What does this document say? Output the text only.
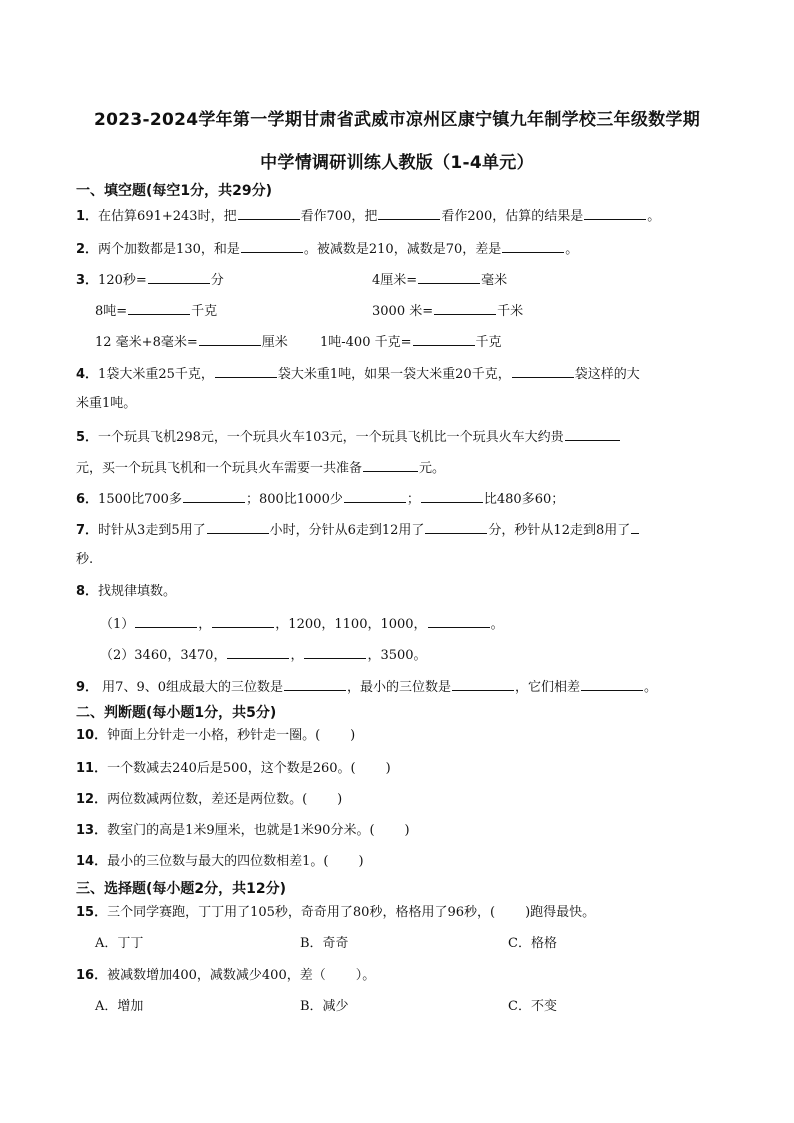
2023-2024学年第一学期甘肃省武威市凉州区康宁镇九年制学校三年级数学期
中学情调研训练人教版（1-4单元）
一、填空题(每空1分，共29分)
1．在估算691+243时，把	看作700，把	看作200，估算的结果是	。
2．两个加数都是130，和是	。被减数是210，减数是70，差是	。
3．120秒=	分	4厘米=	毫米
8吨=	千克	3000 米=	千米
12 毫米+8毫米=	厘米 1吨-400 千克=	千克
4．1袋大米重25千克，	袋大米重1吨，如果一袋大米重20千克，	袋这样的大
米重1吨。
5．一个玩具飞机298元，一个玩具火车103元，一个玩具飞机比一个玩具火车大约贵
元，买一个玩具飞机和一个玩具火车需要一共准备	元。
6．1500比700多	；800比1000少	；	比480多60；
7．时针从3走到5用了	小时，分针从6走到12用了	分，秒针从12走到8用了
秒.
8．找规律填数。
（1）	，	，1200，1100，1000，	。
（2）3460，3470，	，	，3500。
9． 用7、9、0组成最大的三位数是	，最小的三位数是	，它们相差	。
二、判断题(每小题1分，共5分)
10．钟面上分针走一小格，秒针走一圈。( )
11．一个数减去240后是500，这个数是260。( )
12．两位数减两位数，差还是两位数。( )
13．教室门的高是1米9厘米，也就是1米90分米。( )
14．最小的三位数与最大的四位数相差1。( )
三、选择题(每小题2分，共12分)
15．三个同学赛跑，丁丁用了105秒，奇奇用了80秒，格格用了96秒，( )跑得最快。
A．丁丁	B．奇奇	C．格格
16．被减数增加400，减数减少400，差（ ）。
A．增加	B．减少	C．不变
